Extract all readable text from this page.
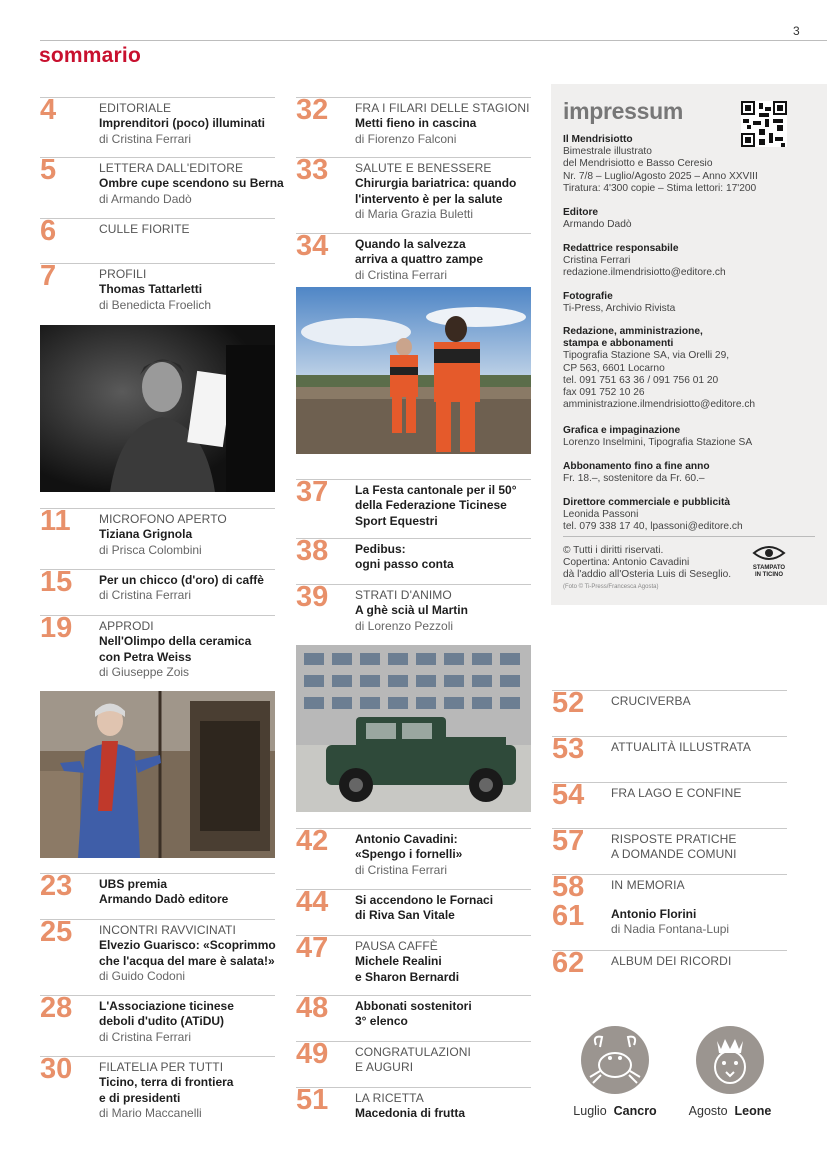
3
sommario
4	EDITORIALE
Imprenditori (poco) illuminati
di Cristina Ferrari
5	LETTERA DALL'EDITORE
Ombre cupe scendono su Berna
di Armando Dadò
6	CULLE FIORITE
7	PROFILI
Thomas Tattarletti
di Benedicta Froelich
11 MICROFONO APERTO
Tiziana Grignola
di Prisca Colombini
15 Per un chicco (d'oro) di caffè
di Cristina Ferrari
19 APPRODI
Nell'Olimpo della ceramica
con Petra Weiss
di Giuseppe Zois
23 UBS premia
Armando Dadò editore
25 INCONTRI RAVVICINATI
Elvezio Guarisco: «Scoprimmo
che l'acqua del mare è salata!»
di Guido Codoni
28 L'Associazione ticinese
deboli d'udito (ATiDU)
di Cristina Ferrari
30 FILATELIA PER TUTTI
Ticino, terra di frontiera
e di presidenti
di Mario Maccanelli
32 FRA I FILARI DELLE STAGIONI
Metti fieno in cascina
di Fiorenzo Falconi
33 SALUTE E BENESSERE
Chirurgia bariatrica: quando
l'intervento è per la salute
di Maria Grazia Buletti
34 Quando la salvezza
arriva a quattro zampe
di Cristina Ferrari
37 La Festa cantonale per il 50°
della Federazione Ticinese
Sport Equestri
38 Pedibus:
ogni passo conta
39 STRATI D'ANIMO
A ghè scià ul Martin
di Lorenzo Pezzoli
42 Antonio Cavadini:
«Spengo i fornelli»
di Cristina Ferrari
44 Si accendono le Fornaci
di Riva San Vitale
47 PAUSA CAFFÈ
Michele Realini
e Sharon Bernardi
48 Abbonati sostenitori
3° elenco
49 CONGRATULAZIONI
E AUGURI
51 LA RICETTA
Macedonia di frutta
52 CRUCIVERBA
53 ATTUALITÀ ILLUSTRATA
54 FRA LAGO E CONFINE
57 RISPOSTE PRATICHE
A DOMANDE COMUNI
58 IN MEMORIA
61 Antonio Florini
di Nadia Fontana-Lupi
62 ALBUM DEI RICORDI
impressum
Il Mendrisiotto
Bimestrale illustrato
del Mendrisiotto e Basso Ceresio
Nr. 7/8 – Luglio/Agosto 2025 – Anno XXVIII
Tiratura: 4'300 copie – Stima lettori: 17'200
Editore
Armando Dadò
Redattrice responsabile
Cristina Ferrari
redazione.ilmendrisiotto@editore.ch
Fotografie
Ti-Press, Archivio Rivista
Redazione, amministrazione,
stampa e abbonamenti
Tipografia Stazione SA, via Orelli 29,
CP 563, 6601 Locarno
tel. 091 751 63 36 / 091 756 01 20
fax 091 752 10 26
amministrazione.ilmendrisiotto@editore.ch
Grafica e impaginazione
Lorenzo Inselmini, Tipografia Stazione SA
Abbonamento fino a fine anno
Fr. 18.–, sostenitore da Fr. 60.–
Direttore commerciale e pubblicità
Leonida Passoni
tel. 079 338 17 40, lpassoni@editore.ch
© Tutti i diritti riservati.
Copertina: Antonio Cavadini
dà l'addio all'Osteria Luis di Seseglio.
STAMPATO
IN TICINO
(Foto © Ti-Press/Francesca Agosta)
Luglio Cancro	Agosto Leone
